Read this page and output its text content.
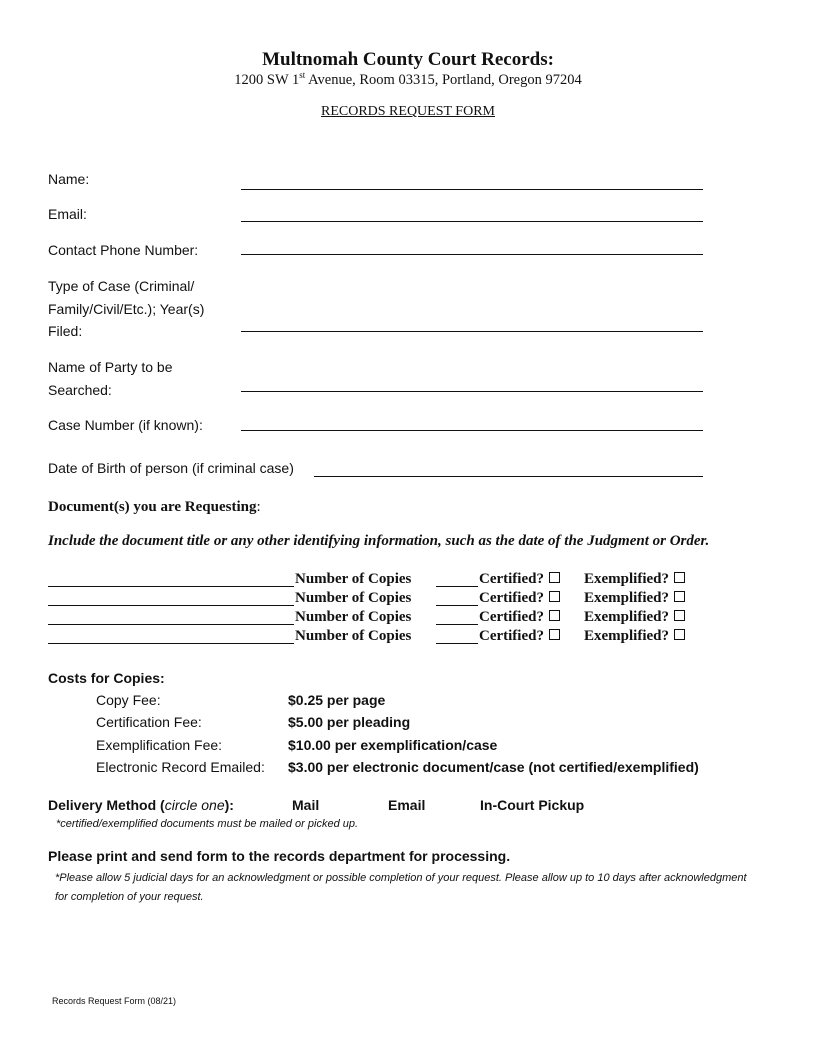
Multnomah County Court Records:
1200 SW 1st Avenue, Room 03315, Portland, Oregon 97204
RECORDS REQUEST FORM
Name:
Email:
Contact Phone Number:
Type of Case (Criminal/ Family/Civil/Etc.); Year(s) Filed:
Name of Party to be Searched:
Case Number (if known):
Date of Birth of person (if criminal case)
Document(s) you are Requesting:
Include the document title or any other identifying information, such as the date of the Judgment or Order.
Number of Copies	Certified?	Exemplified?
Number of Copies	Certified?	Exemplified?
Number of Copies	Certified?	Exemplified?
Number of Copies	Certified?	Exemplified?
Costs for Copies:
Copy Fee:	$0.25 per page
Certification Fee:	$5.00 per pleading
Exemplification Fee:	$10.00 per exemplification/case
Electronic Record Emailed: $3.00 per electronic document/case (not certified/exemplified)
Delivery Method (circle one):	Mail	Email	In-Court Pickup
*certified/exemplified documents must be mailed or picked up.
Please print and send form to the records department for processing.
*Please allow 5 judicial days for an acknowledgment or possible completion of your request. Please allow up to 10 days after acknowledgment for completion of your request.
Records Request Form (08/21)
